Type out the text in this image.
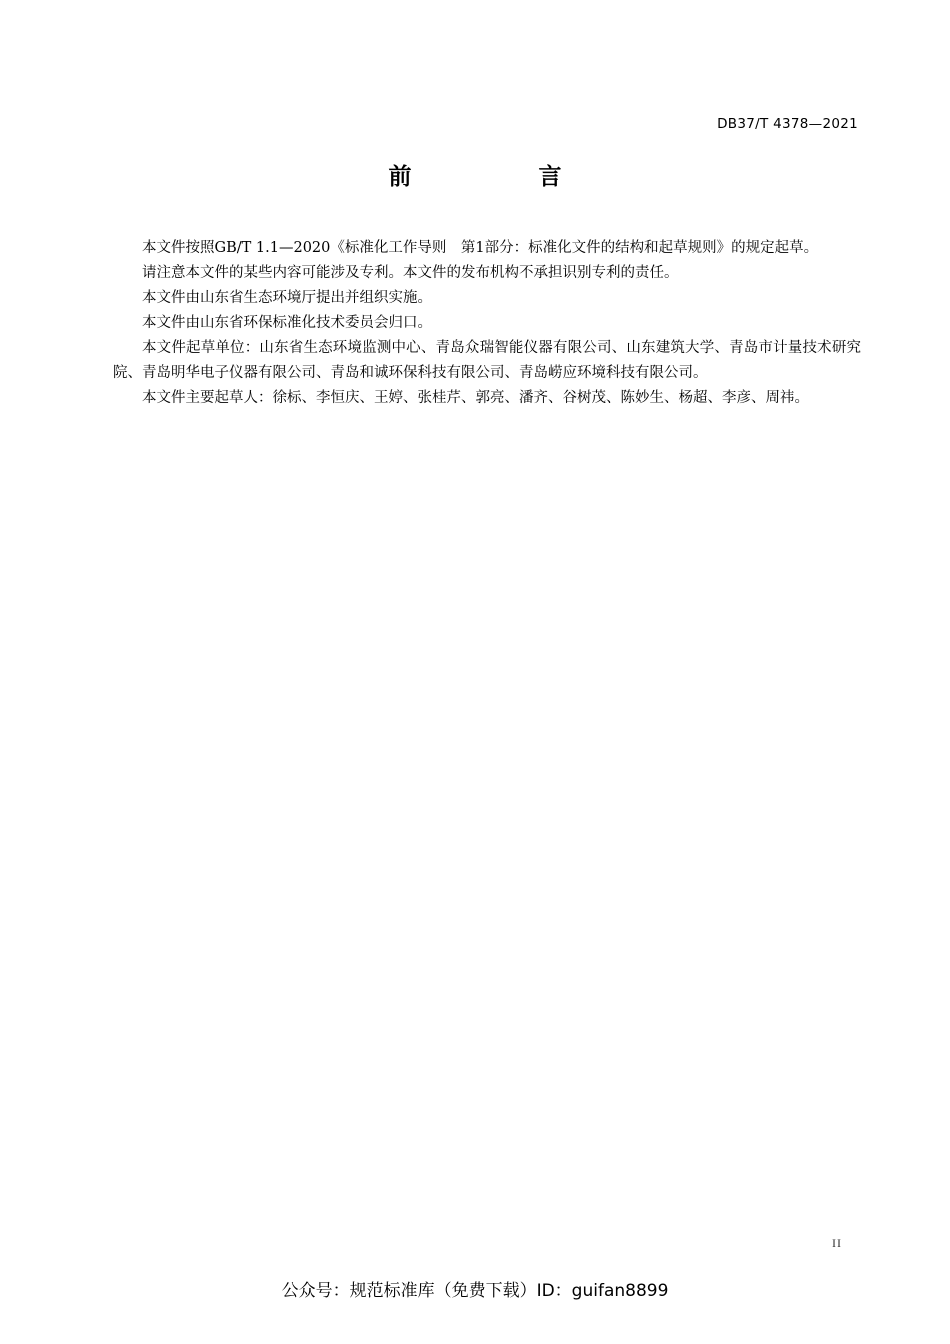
DB37/T 4378—2021
前　言

本文件按照GB/T 1.1—2020《标准化工作导则　第1部分：标准化文件的结构和起草规则》的规定起草。

请注意本文件的某些内容可能涉及专利。本文件的发布机构不承担识别专利的责任。

本文件由山东省生态环境厅提出并组织实施。

本文件由山东省环保标准化技术委员会归口。

本文件起草单位：山东省生态环境监测中心、青岛众瑞智能仪器有限公司、山东建筑大学、青岛市计量技术研究院、青岛明华电子仪器有限公司、青岛和诚环保科技有限公司、青岛崂应环境科技有限公司。

本文件主要起草人：徐标、李恒庆、王婷、张桂芹、郭亮、潘齐、谷树茂、陈妙生、杨超、李彦、周祎。

II
公众号：规范标准库（免费下载）ID：guifan8899
